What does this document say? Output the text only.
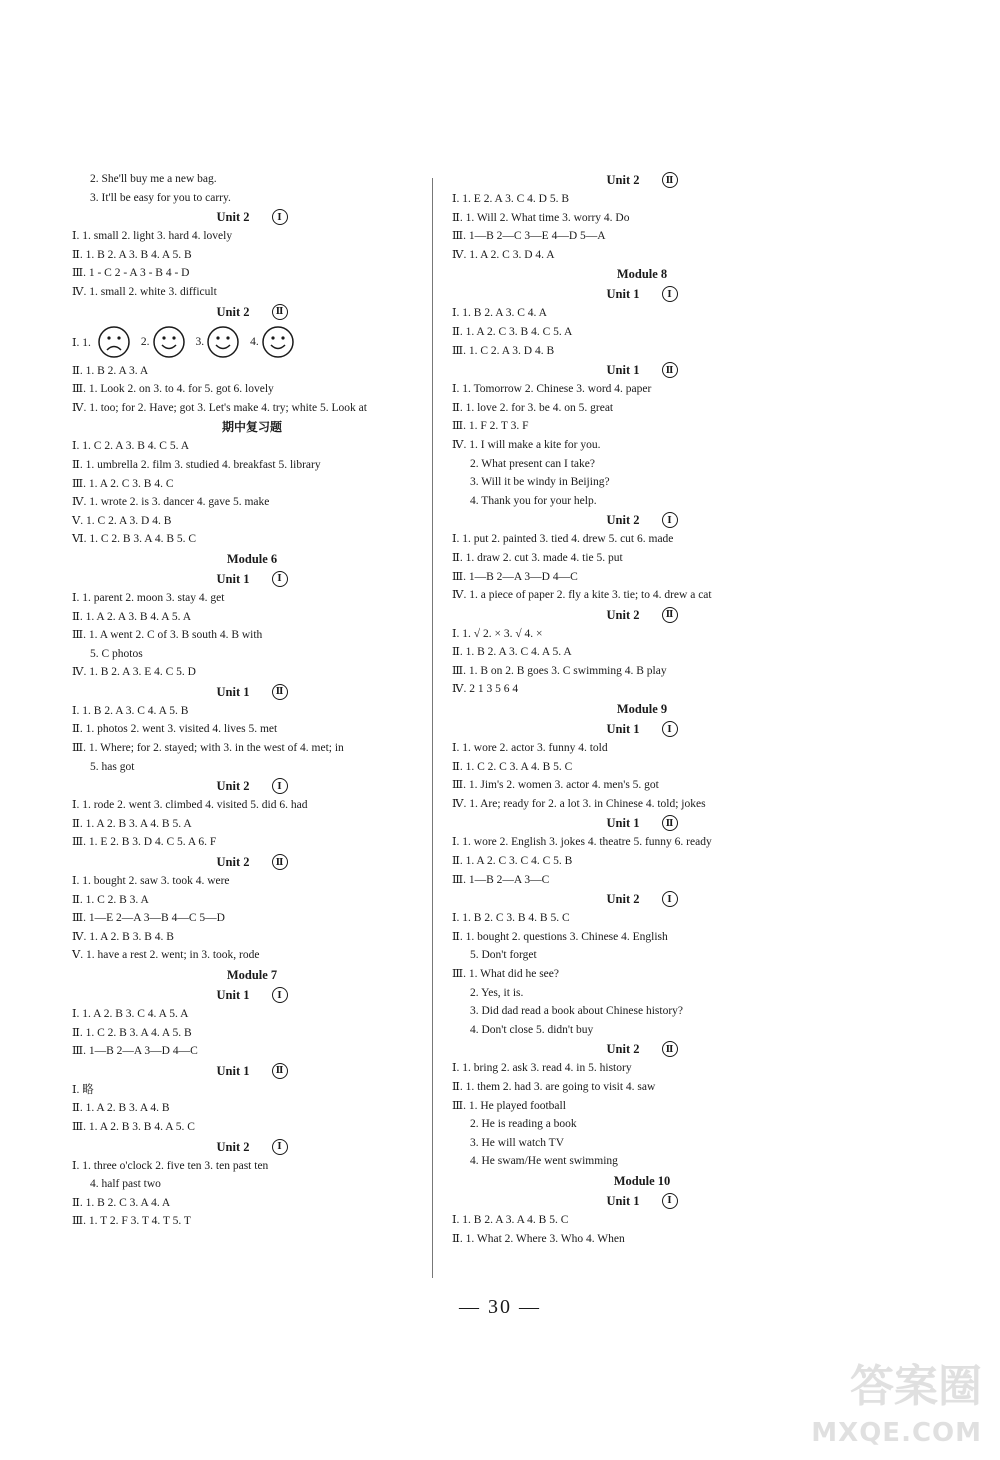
2. She'll buy me a new bag.
3. It'll be easy for you to carry.
Unit 2	Ⅰ
Ⅰ. 1. small 2. light 3. hard 4. lovely
Ⅱ. 1. B 2. A 3. B 4. A 5. B
Ⅲ. 1 - C 2 - A 3 - B 4 - D
Ⅳ. 1. small 2. white 3. difficult
Unit 2	Ⅱ
Ⅰ. 1.	2.	3.	4.
Ⅱ. 1. B 2. A 3. A
Ⅲ. 1. Look 2. on 3. to 4. for 5. got 6. lovely
Ⅳ. 1. too; for 2. Have; got 3. Let's make 4. try; white 5. Look at
期中复习题
Ⅰ. 1. C 2. A 3. B 4. C 5. A
Ⅱ. 1. umbrella 2. film 3. studied 4. breakfast 5. library
Ⅲ. 1. A 2. C 3. B 4. C
Ⅳ. 1. wrote 2. is 3. dancer 4. gave 5. make
Ⅴ. 1. C 2. A 3. D 4. B
Ⅵ. 1. C 2. B 3. A 4. B 5. C
Module 6
Unit 1	Ⅰ
Ⅰ. 1. parent 2. moon 3. stay 4. get
Ⅱ. 1. A 2. A 3. B 4. A 5. A
Ⅲ. 1. A went 2. C of 3. B south 4. B with
5. C photos
Ⅳ. 1. B 2. A 3. E 4. C 5. D
Unit 1	Ⅱ
Ⅰ. 1. B 2. A 3. C 4. A 5. B
Ⅱ. 1. photos 2. went 3. visited 4. lives 5. met
Ⅲ. 1. Where; for 2. stayed; with 3. in the west of 4. met; in
5. has got
Unit 2	Ⅰ
Ⅰ. 1. rode 2. went 3. climbed 4. visited 5. did 6. had
Ⅱ. 1. A 2. B 3. A 4. B 5. A
Ⅲ. 1. E 2. B 3. D 4. C 5. A 6. F
Unit 2	Ⅱ
Ⅰ. 1. bought 2. saw 3. took 4. were
Ⅱ. 1. C 2. B 3. A
Ⅲ. 1—E 2—A 3—B 4—C 5—D
Ⅳ. 1. A 2. B 3. B 4. B
Ⅴ. 1. have a rest 2. went; in 3. took, rode
Module 7
Unit 1	Ⅰ
Ⅰ. 1. A 2. B 3. C 4. A 5. A
Ⅱ. 1. C 2. B 3. A 4. A 5. B
Ⅲ. 1—B 2—A 3—D 4—C
Unit 1	Ⅱ
Ⅰ. 略
Ⅱ. 1. A 2. B 3. A 4. B
Ⅲ. 1. A 2. B 3. B 4. A 5. C
Unit 2	Ⅰ
Ⅰ. 1. three o'clock 2. five ten 3. ten past ten
4. half past two
Ⅱ. 1. B 2. C 3. A 4. A
Ⅲ. 1. T 2. F 3. T 4. T 5. T
Unit 2	Ⅱ
Ⅰ. 1. E 2. A 3. C 4. D 5. B
Ⅱ. 1. Will 2. What time 3. worry 4. Do
Ⅲ. 1—B 2—C 3—E 4—D 5—A
Ⅳ. 1. A 2. C 3. D 4. A
Module 8
Unit 1	Ⅰ
Ⅰ. 1. B 2. A 3. C 4. A
Ⅱ. 1. A 2. C 3. B 4. C 5. A
Ⅲ. 1. C 2. A 3. D 4. B
Unit 1	Ⅱ
Ⅰ. 1. Tomorrow 2. Chinese 3. word 4. paper
Ⅱ. 1. love 2. for 3. be 4. on 5. great
Ⅲ. 1. F 2. T 3. F
Ⅳ. 1. I will make a kite for you.
2. What present can I take?
3. Will it be windy in Beijing?
4. Thank you for your help.
Unit 2	Ⅰ
Ⅰ. 1. put 2. painted 3. tied 4. drew 5. cut 6. made
Ⅱ. 1. draw 2. cut 3. made 4. tie 5. put
Ⅲ. 1—B 2—A 3—D 4—C
Ⅳ. 1. a piece of paper 2. fly a kite 3. tie; to 4. drew a cat
Unit 2	Ⅱ
Ⅰ. 1. √ 2. × 3. √ 4. ×
Ⅱ. 1. B 2. A 3. C 4. A 5. A
Ⅲ. 1. B on 2. B goes 3. C swimming 4. B play
Ⅳ. 2 1 3 5 6 4
Module 9
Unit 1	Ⅰ
Ⅰ. 1. wore 2. actor 3. funny 4. told
Ⅱ. 1. C 2. C 3. A 4. B 5. C
Ⅲ. 1. Jim's 2. women 3. actor 4. men's 5. got
Ⅳ. 1. Are; ready for 2. a lot 3. in Chinese 4. told; jokes
Unit 1	Ⅱ
Ⅰ. 1. wore 2. English 3. jokes 4. theatre 5. funny 6. ready
Ⅱ. 1. A 2. C 3. C 4. C 5. B
Ⅲ. 1—B 2—A 3—C
Unit 2	Ⅰ
Ⅰ. 1. B 2. C 3. B 4. B 5. C
Ⅱ. 1. bought 2. questions 3. Chinese 4. English
5. Don't forget
Ⅲ. 1. What did he see?
2. Yes, it is.
3. Did dad read a book about Chinese history?
4. Don't close 5. didn't buy
Unit 2	Ⅱ
Ⅰ. 1. bring 2. ask 3. read 4. in 5. history
Ⅱ. 1. them 2. had 3. are going to visit 4. saw
Ⅲ. 1. He played football
2. He is reading a book
3. He will watch TV
4. He swam/He went swimming
Module 10
Unit 1	Ⅰ
Ⅰ. 1. B 2. A 3. A 4. B 5. C
Ⅱ. 1. What 2. Where 3. Who 4. When
— 30 —
答案圈
MXQE.COM
